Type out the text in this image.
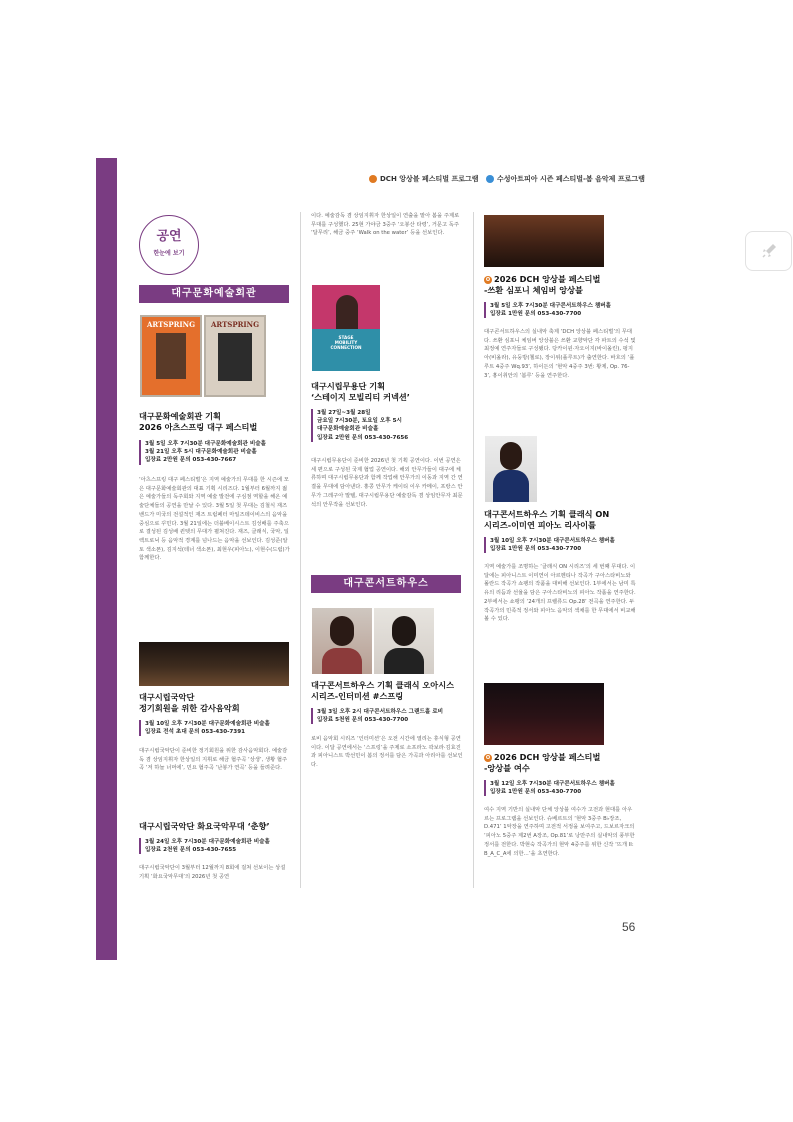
DCH 앙상블 페스티벌 프로그램	수성아트피아 시즌 페스티벌-봄 음악제 프로그램
공연
한눈에 보기
대구문화예술회관
ARTSPRING	ARTSPRING
대구문화예술회관 기획
2026 아츠스프링 대구 페스티벌
3월 5일 오후 7시30분 대구문화예술회관 비슬홀
3월 21일 오후 5시 대구문화예술회관 비슬홀
입장료 2만원 문의 053-430-7667
‘아츠스프링 대구 페스티벌’은 지역 예술가의 무대를 한 시즌에 모은 대구문화예술회관의 대표 기획 시리즈다. 1월부터 6월까지 젊은 예술가들의 독주회와 지역 예술 발전에 구심점 역할을 해온 예술단체들의 공연을 만날 수 있다. 3월 5일 첫 무대는 김철식 재즈밴드가 미국의 전설적인 재즈 트럼페터 마일즈데이비스의 음악을 중심으로 꾸민다. 3월 21일에는 더블베이시스트 김성배를 주축으로 결성된 김성배 퀸텟의 무대가 펼쳐진다. 재즈, 클래식, 국악, 일렉트로닉 등 음악적 경계를 넘나드는 음악을 선보인다. 김성준(알토 색소폰), 김지석(테너 색소폰), 최현우(피아노), 이현수(드럼)가 함께한다.
대구시립국악단
정기회원을 위한 감사음악회
3월 10일 오후 7시30분 대구문화예술회관 비슬홀
입장료 전석 초대 문의 053-430-7391
대구시립국악단이 준비한 정기회원을 위한 감사음악회다. 예술감독 겸 상임지휘자 한상일의 지휘로 해금 협주곡 ‘상생’, 생황 협주곡 ‘저 하늘 너머에’, 민요 협주곡 ‘난봉가 연곡’ 등을 들려준다.
대구시립국악단 화요국악무대 ‘춘향’
3월 24일 오후 7시30분 대구문화예술회관 비슬홀
입장료 2천원 문의 053-430-7655
대구시립국악단이 3월부터 12월까지 8회에 걸쳐 선보이는 상설 기획 ‘화요국악무대’의 2026년 첫 공연
이다. 예술감독 겸 상임지휘자 한상일이 연출을 맡아 봄을 주제로 무대를 구성했다. 25현 가야금 3중주 ‘오봉산 타령’, 거문고 독주 ‘달무리’, 해금 중주 ‘Walk on the water’ 등을 선보인다.
STAGE
MOBILITY
CONNECTION
대구시립무용단 기획
‘스테이지 모빌리티 커넥션’
3월 27일~3월 28일
금요일 7시30분, 토요일 오후 5시
대구문화예술회관 비슬홀
입장료 2만원 문의 053-430-7656
대구시립무용단이 준비한 2026년 첫 기획 공연이다. 이번 공연은 세 편으로 구성된 국제 협업 공연이다. 해외 안무가들이 대구에 체류하며 대구시립무용단과 함께 작업해 안무가의 이동과 지역 간 연결을 무대에 담아낸다. 홍콩 안무가 케이티 이우 카메이, 프랑스 안무가 그레구아 말텔, 대구시립무용단 예술감독 겸 상임안무자 최문석의 안무작을 선보인다.
대구콘서트하우스
대구콘서트하우스 기획 클래식 오아시스
시리즈-인터미션 #스프링
3월 3일 오후 2시 대구콘서트하우스 그랜드홀 로비
입장료 5천원 문의 053-430-7700
로비 음악회 시리즈 ‘인터미션’은 오전 시간에 열리는 휴식형 공연이다. 이달 공연에서는 ‘스프링’을 주제로 소프라노 곽보라·김효진과 피아니스트 박선민이 봄의 정서를 담은 가곡과 아리아를 선보인다.
O 2026 DCH 앙상블 페스티벌
-쓰환 심포니 체임버 앙상블
3월 5일 오후 7시30분 대구콘서트하우스 챔버홀
입장료 1만원 문의 053-430-7700
대구콘서트하우스의 실내악 축제 ‘DCH 앙상블 페스티벌’의 무대다. 쓰환 심포니 체임버 앙상블은 쓰환 교향악단 각 파트의 수석 및 최정예 연주자들로 구성됐다. 당카이윈·자오이지(바이올린), 펑지아(비올라), 유둥방(첼로), 장이위(플루트)가 출연한다. 바흐의 ‘플루트 4중주 Wq.93’, 하이든의 ‘현악 4중주 3번: 황제, Op. 76-3’, 홍이취안의 ‘봄루’ 등을 연주한다.
대구콘서트하우스 기획 클래식 ON
시리즈-이미연 피아노 리사이틀
3월 10일 오후 7시30분 대구콘서트하우스 챔버홀
입장료 1만원 문의 053-430-7700
지역 예술가를 조명하는 ‘클래식 ON 시리즈’의 세 번째 무대다. 이달에는 피아니스트 이미연이 아르헨티나 작곡가 구아스타비노와 폴란드 작곡가 쇼팽의 작품을 대비해 선보인다. 1부에서는 남미 특유의 리듬과 선율을 담은 구아스타비노의 피아노 작품을 연주한다. 2부에서는 쇼팽의 ‘24개의 프렐류드 Op.28’ 전곡을 연주한다. 두 작곡가의 민족적 정서와 피아노 음악의 색채를 한 무대에서 비교해 볼 수 있다.
O 2026 DCH 앙상블 페스티벌
-앙상블 여수
3월 12일 오후 7시30분 대구콘서트하우스 챔버홀
입장료 1만원 문의 053-430-7700
여수 지역 기반의 실내악 단체 앙상블 여수가 고전과 현대를 아우르는 프로그램을 선보인다. 슈베르트의 ‘현악 3중주 B♭장조, D.471’ 1악장을 연주하며 고전적 서정을 보여주고, 드보르자크의 ‘피아노 5중주 제2번 A장조, Op.81’로 낭만주의 실내악의 풍부한 정서를 전한다. 박현숙 작곡가의 현악 4중주를 위한 신작 ‘뜨개 II: B_A_C_A에 의한…’을 초연한다.
56
